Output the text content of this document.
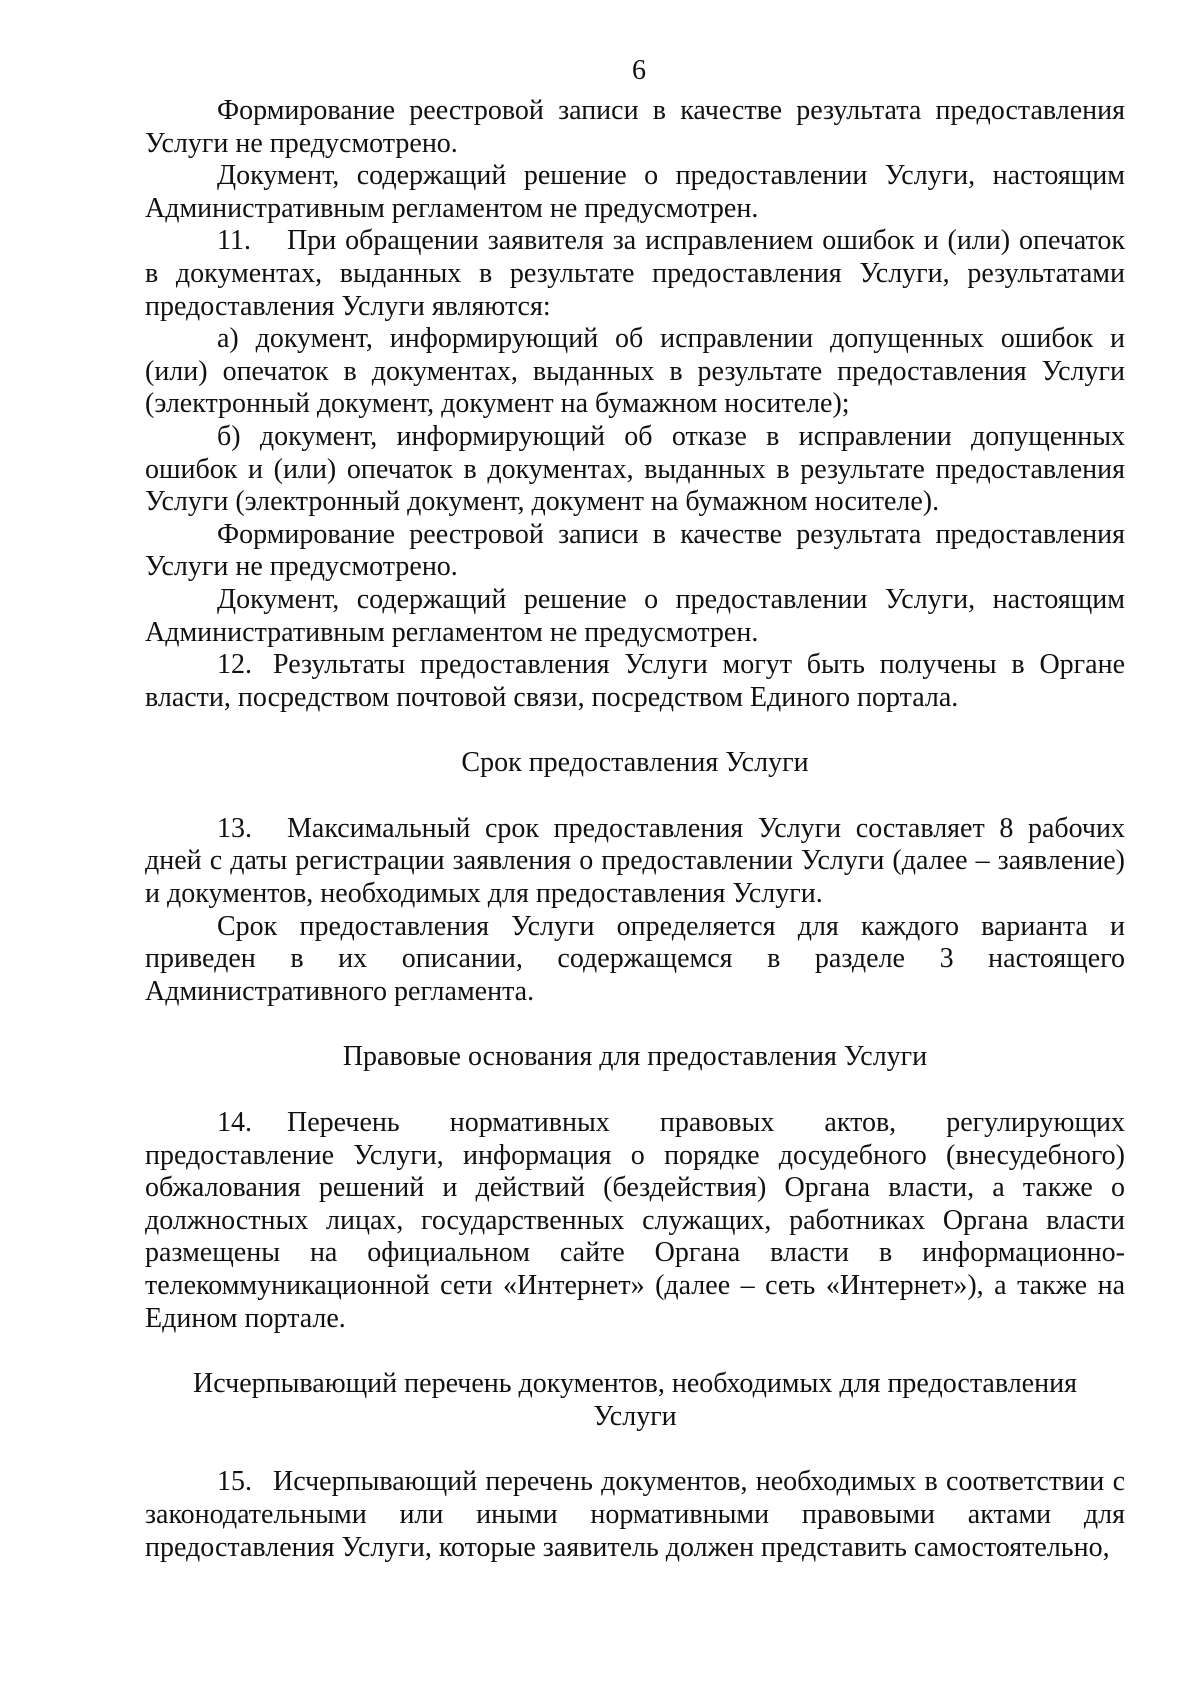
6

Формирование реестровой записи в качестве результата предоставления Услуги не предусмотрено.

Документ, содержащий решение о предоставлении Услуги, настоящим Административным регламентом не предусмотрен.

11. При обращении заявителя за исправлением ошибок и (или) опечаток в документах, выданных в результате предоставления Услуги, результатами предоставления Услуги являются:

а) документ, информирующий об исправлении допущенных ошибок и (или) опечаток в документах, выданных в результате предоставления Услуги (электронный документ, документ на бумажном носителе);

б) документ, информирующий об отказе в исправлении допущенных ошибок и (или) опечаток в документах, выданных в результате предоставления Услуги (электронный документ, документ на бумажном носителе).

Формирование реестровой записи в качестве результата предоставления Услуги не предусмотрено.

Документ, содержащий решение о предоставлении Услуги, настоящим Административным регламентом не предусмотрен.

12. Результаты предоставления Услуги могут быть получены в Органе власти, посредством почтовой связи, посредством Единого портала.

Срок предоставления Услуги

13. Максимальный срок предоставления Услуги составляет 8 рабочих дней с даты регистрации заявления о предоставлении Услуги (далее – заявление) и документов, необходимых для предоставления Услуги.

Срок предоставления Услуги определяется для каждого варианта и приведен в их описании, содержащемся в разделе 3 настоящего Административного регламента.

Правовые основания для предоставления Услуги

14. Перечень нормативных правовых актов, регулирующих предоставление Услуги, информация о порядке досудебного (внесудебного) обжалования решений и действий (бездействия) Органа власти, а также о должностных лицах, государственных служащих, работниках Органа власти размещены на официальном сайте Органа власти в информационно-телекоммуникационной сети «Интернет» (далее – сеть «Интернет»), а также на Едином портале.

Исчерпывающий перечень документов, необходимых для предоставления

Услуги

15. Исчерпывающий перечень документов, необходимых в соответствии с законодательными или иными нормативными правовыми актами для предоставления Услуги, которые заявитель должен представить самостоятельно,
